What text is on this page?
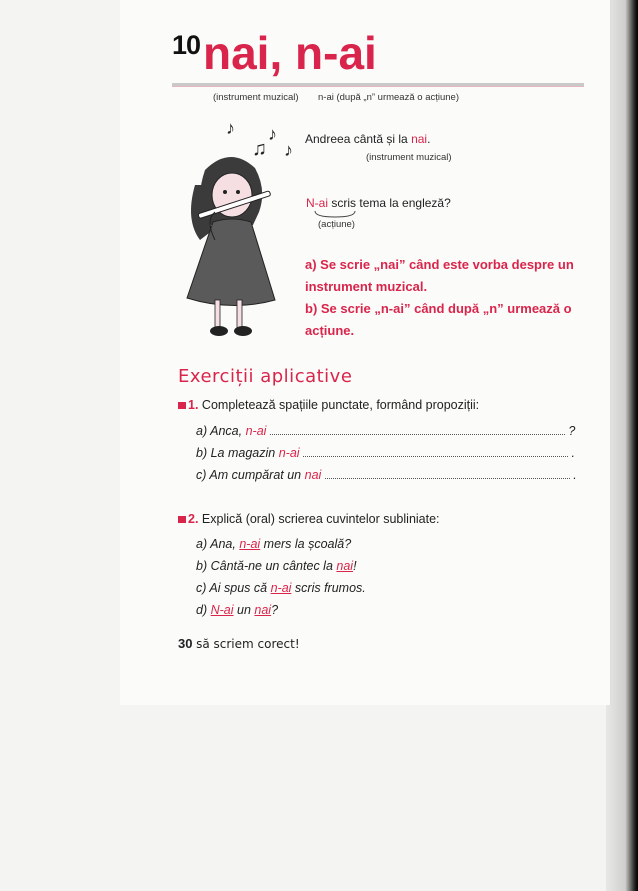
10 nai, n-ai
(instrument muzical) n-ai (după „n” urmează o acțiune)
♪ ♪
♫ ♪
Andreea cântă și la nai.
(instrument muzical)
N-ai scris tema la engleză?
(acțiune)
a) Se scrie „nai” când este vorba despre un instrument muzical.
b) Se scrie „n-ai” când după „n” urmează o acțiune.
Exerciții aplicative
1. Completează spațiile punctate, formând propoziții:
a) Anca, n-ai	?
b) La magazin n-ai	.
c) Am cumpărat un nai	.
2. Explică (oral) scrierea cuvintelor subliniate:
a) Ana, n-ai mers la școală?
b) Cântă-ne un cântec la nai!
c) Ai spus că n-ai scris frumos.
d) N-ai un nai?
30 să scriem corect!
